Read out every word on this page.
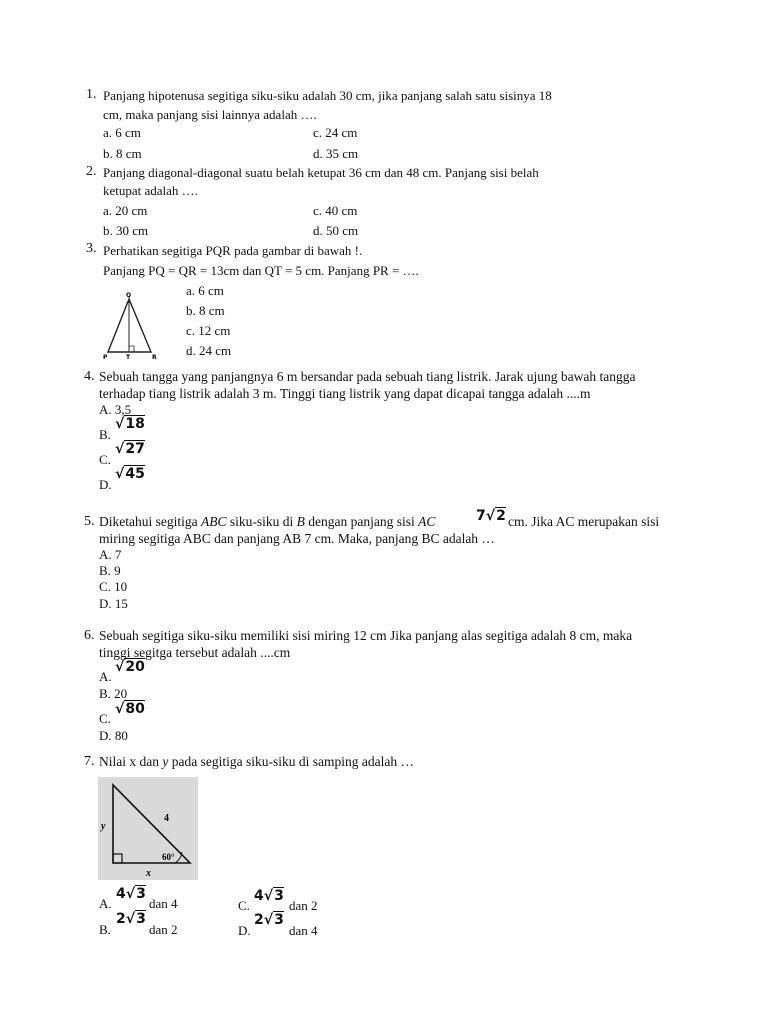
1. Panjang hipotenusa segitiga siku-siku adalah 30 cm, jika panjang salah satu sisinya 18
cm, maka panjang sisi lainnya adalah ….
a. 6 cm	c. 24 cm
b. 8 cm	d. 35 cm
2. Panjang diagonal-diagonal suatu belah ketupat 36 cm dan 48 cm. Panjang sisi belah
ketupat adalah ….
a. 20 cm	c. 40 cm
b. 30 cm	d. 50 cm
3. Perhatikan segitiga PQR pada gambar di bawah !.
Panjang PQ = QR = 13cm dan QT = 5 cm. Panjang PR = ….
Q
P	T	R
a. 6 cm
b. 8 cm
c. 12 cm
d. 24 cm
4. Sebuah tangga yang panjangnya 6 m bersandar pada sebuah tiang listrik. Jarak ujung bawah tangga
terhadap tiang listrik adalah 3 m. Tinggi tiang listrik yang dapat dicapai tangga adalah ....m
A. 3,5
B.
√18
C.
√27
D.
√45
5. Diketahui segitiga ABC siku-siku di B dengan panjang sisi AC	7√2 cm. Jika AC merupakan sisi
miring segitiga ABC dan panjang AB 7 cm. Maka, panjang BC adalah …
A. 7
B. 9
C. 10
D. 15
6. Sebuah segitiga siku-siku memiliki sisi miring 12 cm Jika panjang alas segitiga adalah 8 cm, maka
tinggi segitga tersebut adalah ....cm
A.
√20
B. 20
C.
√80
D. 80
7. Nilai x dan y pada segitiga siku-siku di samping adalah …
y
4
60°
x
A.
4√3
dan 4	C.
4√3
dan 2
B.
2√3
dan 2	D.
2√3
dan 4
